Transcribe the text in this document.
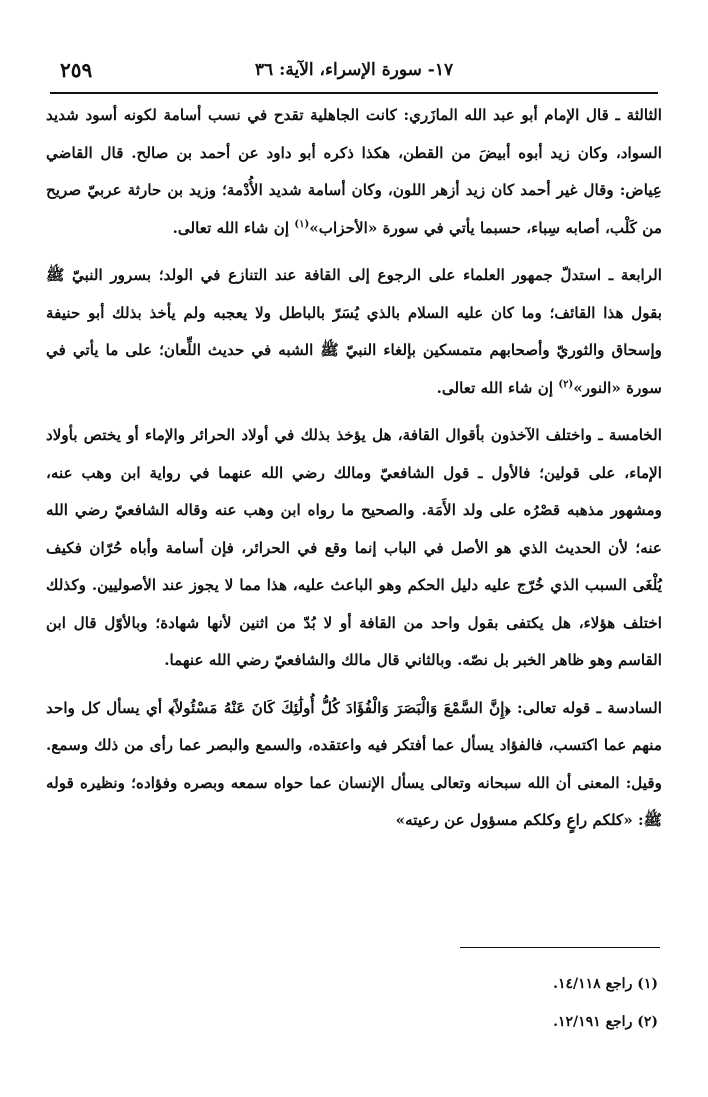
١٧- سورة الإسراء، الآية: ٣٦
٢٥٩

الثالثة ـ قال الإمام أبو عبد الله المازَري: كانت الجاهلية تقدح في نسب أسامة لكونه أسود شديد السواد، وكان زيد أبوه أبيضَ من القطن، هكذا ذكره أبو داود عن أحمد بن صالح. قال القاضي عِياض: وقال غير أحمد كان زيد أزهر اللون، وكان أسامة شديد الأُدْمة؛ وزيد بن حارثة عربيّ صريح من كَلْب، أصابه سِباء، حسبما يأتي في سورة «الأحزاب»$^{(١)}$ إن شاء الله تعالى.

الرابعة ـ استدلّ جمهور العلماء على الرجوع إلى القافة عند التنازع في الولد؛ بسرور النبيّ ﷺ بقول هذا القائف؛ وما كان عليه السلام بالذي يُسَرّ بالباطل ولا يعجبه ولم يأخذ بذلك أبو حنيفة وإسحاق والثوريّ وأصحابهم متمسكين بإلغاء النبيّ ﷺ الشبه في حديث اللِّعان؛ على ما يأتي في سورة «النور»$^{(٢)}$ إن شاء الله تعالى.

الخامسة ـ واختلف الآخذون بأقوال القافة، هل يؤخذ بذلك في أولاد الحرائر والإماء أو يختص بأولاد الإماء، على قولين؛ فالأول ـ قول الشافعيّ ومالك رضي الله عنهما في رواية ابن وهب عنه، ومشهور مذهبه قصْرُه على ولد الأَمَة. والصحيح ما رواه ابن وهب عنه وقاله الشافعيّ رضي الله عنه؛ لأن الحديث الذي هو الأصل في الباب إنما وقع في الحرائر، فإن أسامة وأباه حُرّان فكيف يُلْغَى السبب الذي خُرّج عليه دليل الحكم وهو الباعث عليه، هذا مما لا يجوز عند الأصوليين. وكذلك اختلف هؤلاء، هل يكتفى بقول واحد من القافة أو لا بُدّ من اثنين لأنها شهادة؛ وبالأوّل قال ابن القاسم وهو ظاهر الخبر بل نصّه. وبالثاني قال مالك والشافعيّ رضي الله عنهما.

السادسة ـ قوله تعالى: ﴿إِنَّ السَّمْعَ وَالْبَصَرَ وَالْفُؤَادَ كُلُّ أُولَٰئِكَ كَانَ عَنْهُ مَسْئُولاً﴾ أي يسأل كل واحد منهم عما اكتسب، فالفؤاد يسأل عما أفتكر فيه واعتقده، والسمع والبصر عما رأى من ذلك وسمع. وقيل: المعنى أن الله سبحانه وتعالى يسأل الإنسان عما حواه سمعه وبصره وفؤاده؛ ونظيره قوله ﷺ: «كلكم راعٍ وكلكم مسؤول عن رعيته»

(١) راجع ١٤/١١٨.
(٢) راجع ١٢/١٩١.
